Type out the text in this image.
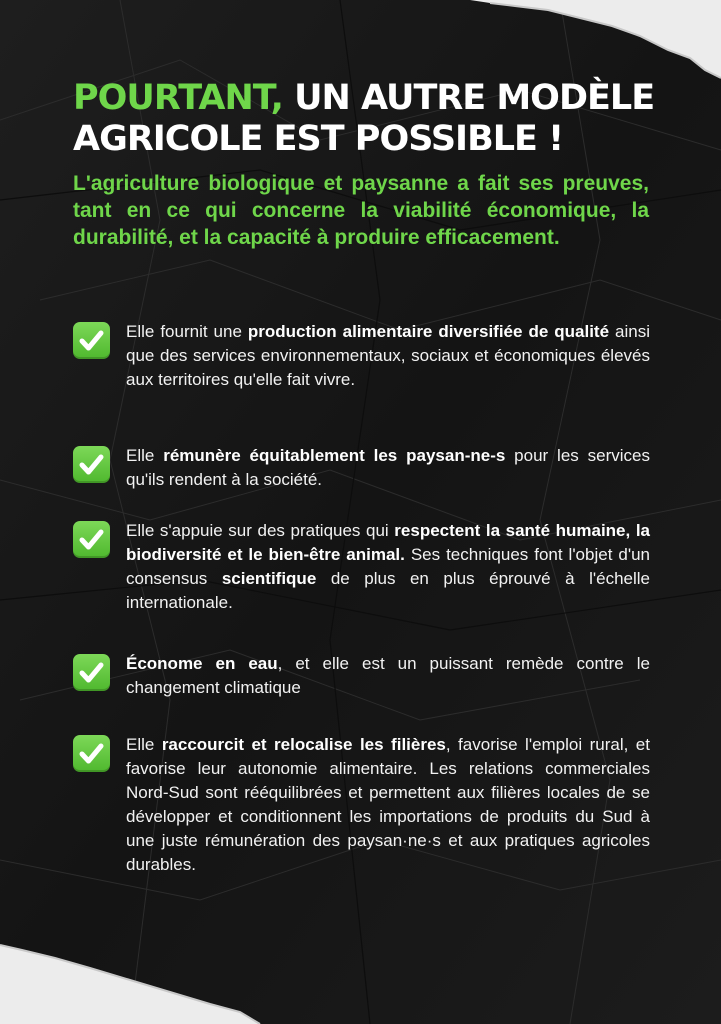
POURTANT, UN AUTRE MODÈLE AGRICOLE EST POSSIBLE !

L'agriculture biologique et paysanne a fait ses preuves, tant en ce qui concerne la viabilité économique, la durabilité, et la capacité à produire efficacement.

Elle fournit une production alimentaire diversifiée de qualité ainsi que des services environnementaux, sociaux et économiques élevés aux territoires qu'elle fait vivre.
Elle rémunère équitablement les paysan-ne-s pour les services qu'ils rendent à la société.
Elle s'appuie sur des pratiques qui respectent la santé humaine, la biodiversité et le bien-être animal. Ses techniques font l'objet d'un consensus scientifique de plus en plus éprouvé à l'échelle internationale.
Économe en eau, et elle est un puissant remède contre le changement climatique
Elle raccourcit et relocalise les filières, favorise l'emploi rural, et favorise leur autonomie alimentaire. Les relations commerciales Nord-Sud sont rééquilibrées et permettent aux filières locales de se développer et conditionnent les importations de produits du Sud à une juste rémunération des paysan·ne·s et aux pratiques agricoles durables.
